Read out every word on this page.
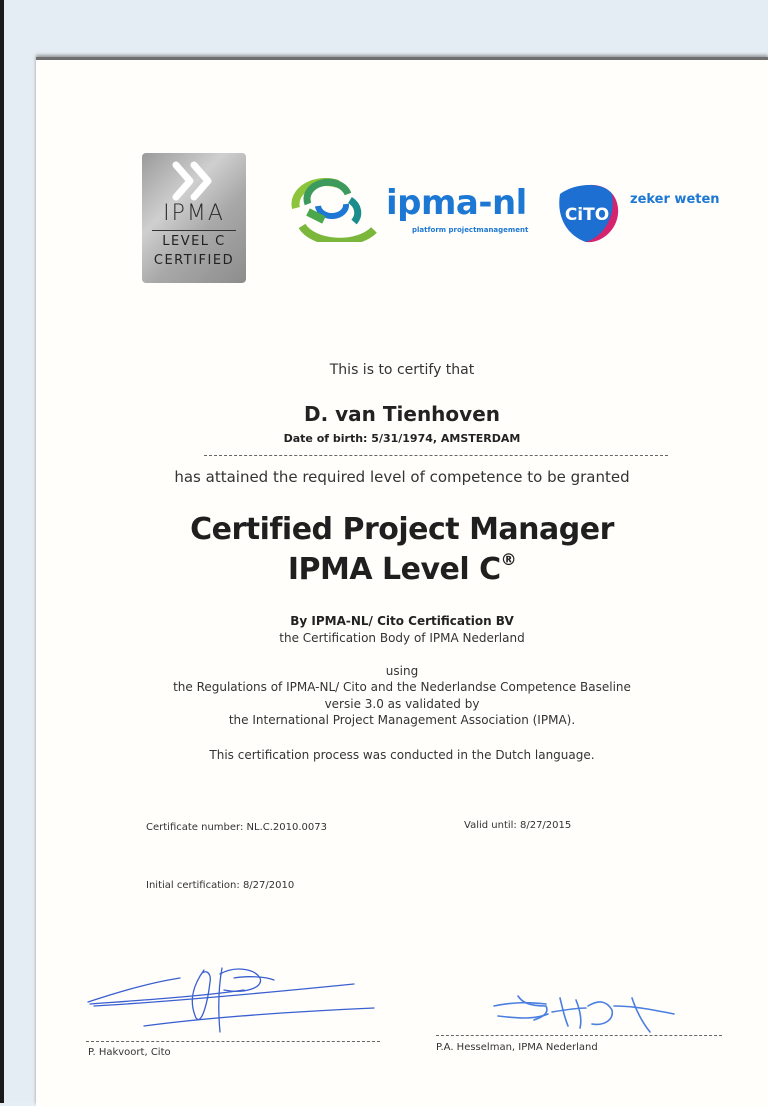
IPMA
LEVEL C
CERTIFIED
ipma-nl
platform projectmanagement
CiTO
zeker weten
This is to certify that
D. van Tienhoven
Date of birth: 5/31/1974, AMSTERDAM
has attained the required level of competence to be granted
Certified Project Manager
IPMA Level C®
By IPMA-NL/ Cito Certification BV
the Certification Body of IPMA Nederland
using
the Regulations of IPMA-NL/ Cito and the Nederlandse Competence Baseline
versie 3.0 as validated by
the International Project Management Association (IPMA).
This certification process was conducted in the Dutch language.
Certificate number: NL.C.2010.0073	Valid until: 8/27/2015
Initial certification: 8/27/2010
P. Hakvoort, Cito	P.A. Hesselman, IPMA Nederland
